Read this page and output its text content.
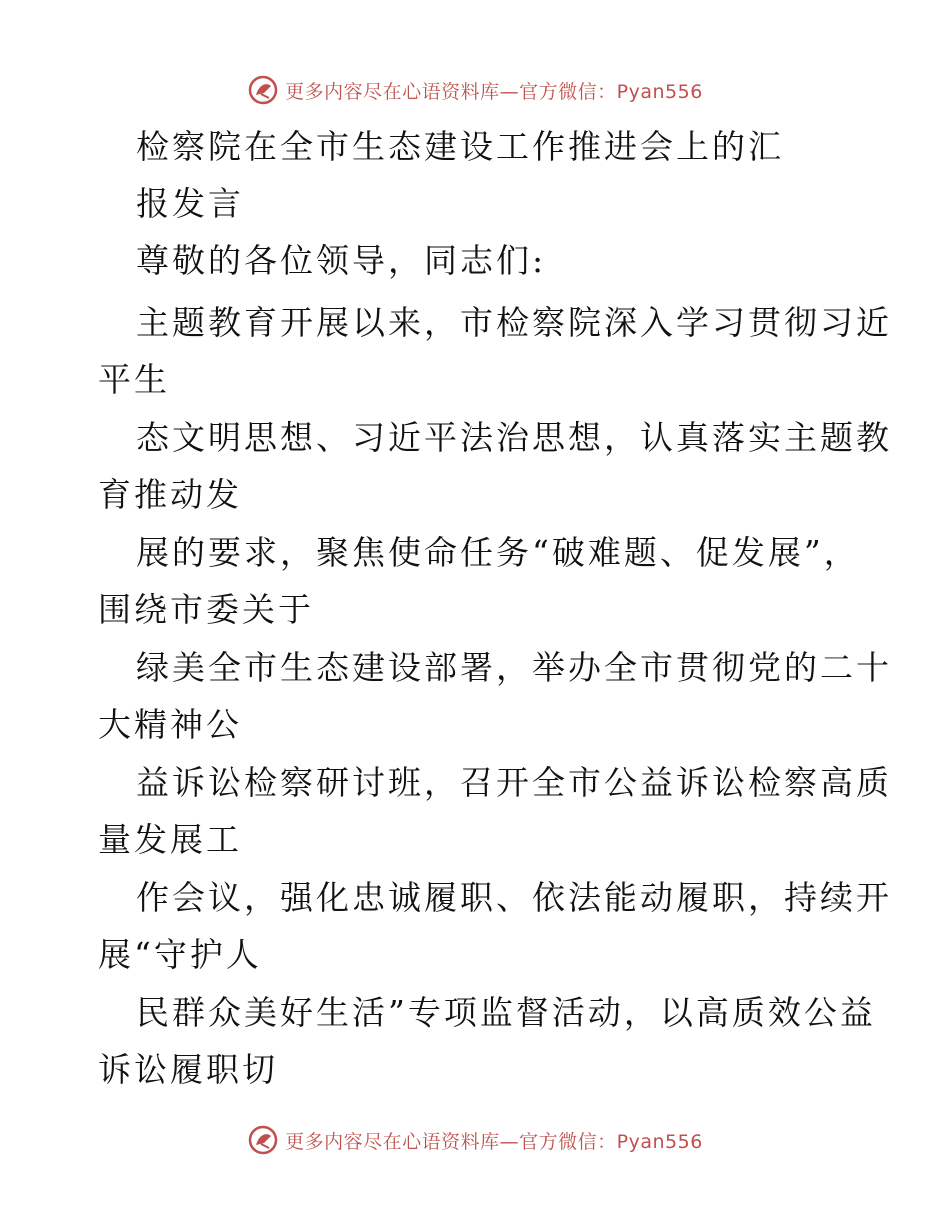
更多内容尽在心语资料库—官方微信：Pyan556
检察院在全市生态建设工作推进会上的汇
报发言
尊敬的各位领导，同志们:
主题教育开展以来，市检察院深入学习贯彻习近
平生
态文明思想、习近平法治思想，认真落实主题教
育推动发
展的要求，聚焦使命任务“破难题、促发展”，
围绕市委关于
绿美全市生态建设部署，举办全市贯彻党的二十
大精神公
益诉讼检察研讨班，召开全市公益诉讼检察高质
量发展工
作会议，强化忠诚履职、依法能动履职，持续开
展“守护人
民群众美好生活”专项监督活动，以高质效公益
诉讼履职切
更多内容尽在心语资料库—官方微信：Pyan556
